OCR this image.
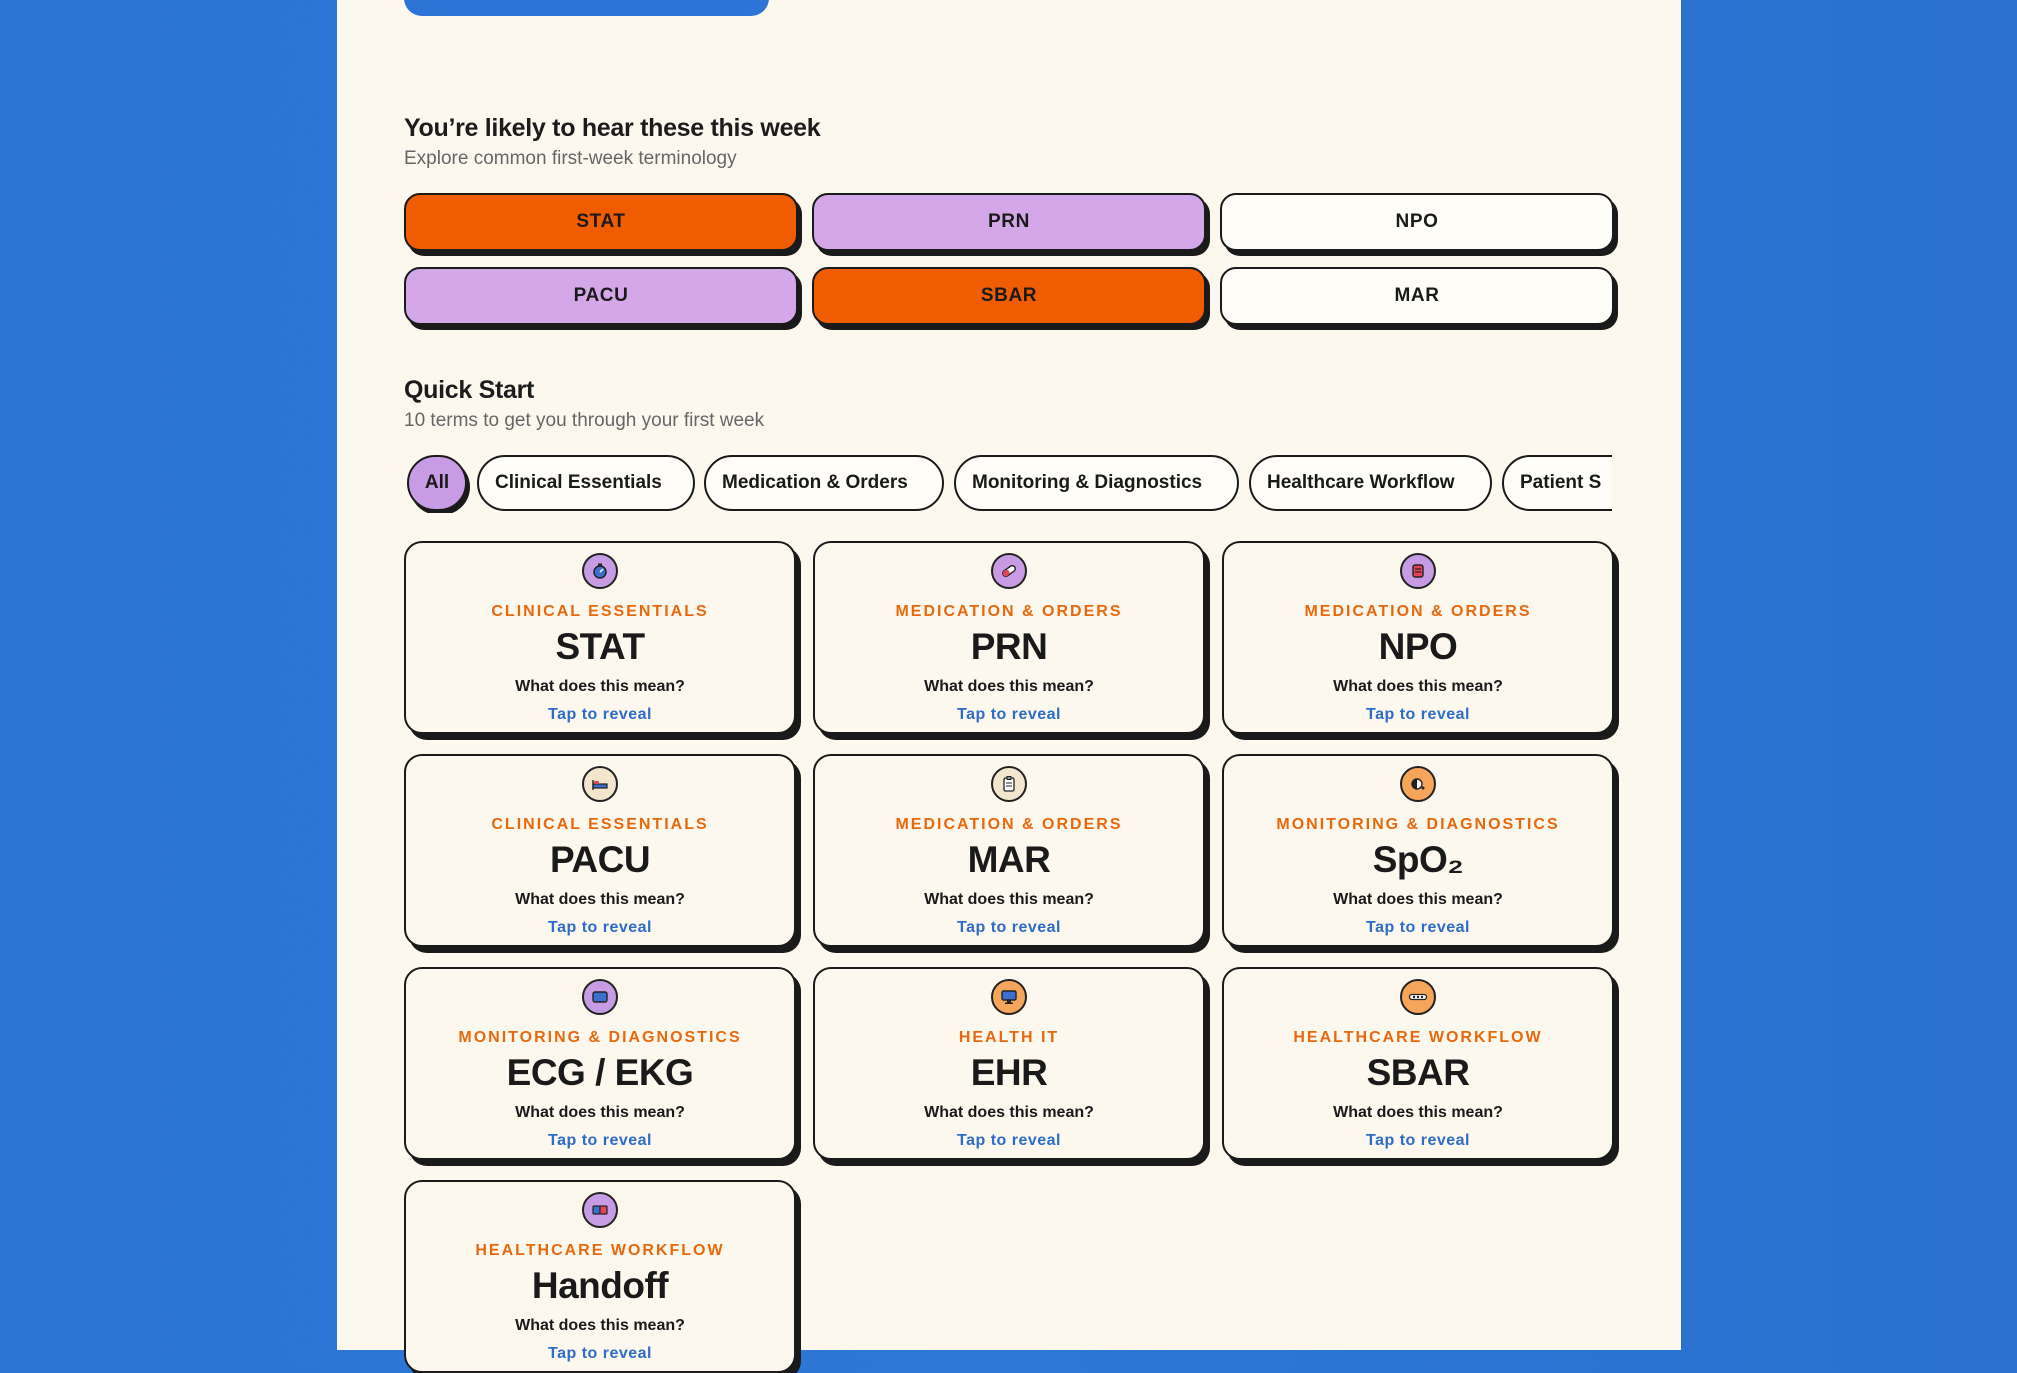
You’re likely to hear these this week
Explore common first-week terminology
STAT	PRN	NPO
PACU	SBAR	MAR
Quick Start
10 terms to get you through your first week
All	Clinical Essentials	Medication & Orders	Monitoring & Diagnostics	Healthcare Workflow	Patient S
CLINICAL ESSENTIALS
STAT
What does this mean?
Tap to reveal
MEDICATION & ORDERS
PRN
What does this mean?
Tap to reveal
MEDICATION & ORDERS
NPO
What does this mean?
Tap to reveal
CLINICAL ESSENTIALS
PACU
What does this mean?
Tap to reveal
MEDICATION & ORDERS
MAR
What does this mean?
Tap to reveal
MONITORING & DIAGNOSTICS
SpO₂
What does this mean?
Tap to reveal
MONITORING & DIAGNOSTICS
ECG / EKG
What does this mean?
Tap to reveal
HEALTH IT
EHR
What does this mean?
Tap to reveal
HEALTHCARE WORKFLOW
SBAR
What does this mean?
Tap to reveal
HEALTHCARE WORKFLOW
Handoff
What does this mean?
Tap to reveal
